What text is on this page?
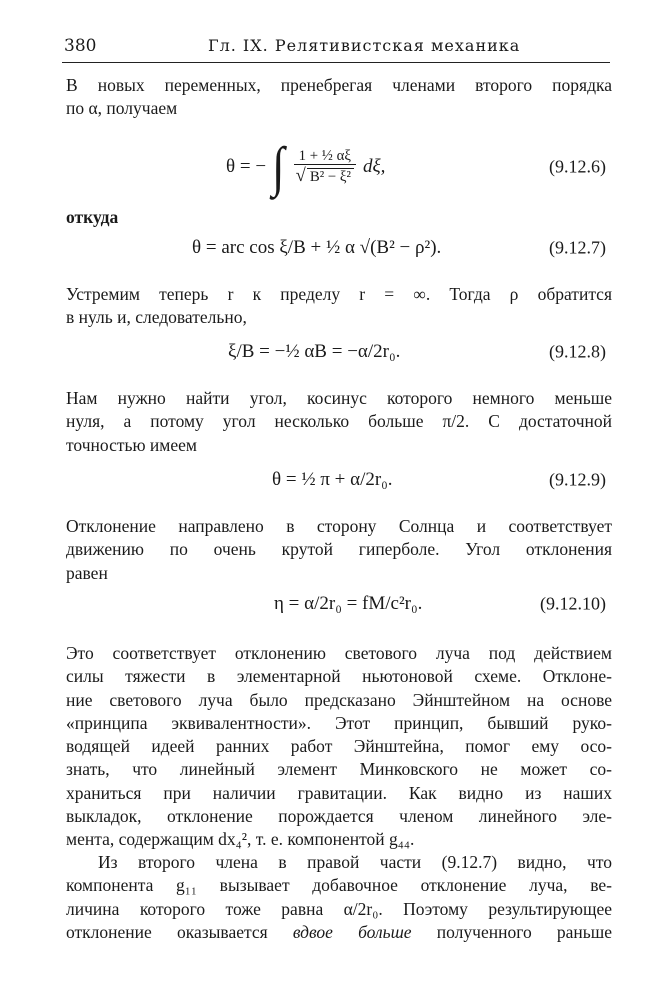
380	Гл. IX. Релятивистская механика
В новых переменных, пренебрегая членами второго порядка
по α, получаем
θ = − ∫ $\frac{\text{1 + ½ αξ}}{\text{√ B² − ξ²}} d\xi$,	(9.12.6)
откуда
θ = arc cos ξ/B + ½ α √(B² − ρ²).	(9.12.7)
Устремим теперь r к пределу r = ∞. Тогда ρ обратится
в нуль и, следовательно,
ξ/B = −½ αB = −α/2r₀.	(9.12.8)
Нам нужно найти угол, косинус которого немного меньше
нуля, а потому угол несколько больше π/2. С достаточной
точностью имеем
θ = ½ π + α/2r₀.	(9.12.9)
Отклонение направлено в сторону Солнца и соответствует
движению по очень крутой гиперболе. Угол отклонения
равен
η = α/2r₀ = fM/c²r₀.	(9.12.10)
Это соответствует отклонению светового луча под действием
силы тяжести в элементарной ньютоновой схеме. Отклоне-
ние светового луча было предсказано Эйнштейном на основе
«принципа эквивалентности». Этот принцип, бывший руко-
водящей идеей ранних работ Эйнштейна, помог ему осо-
знать, что линейный элемент Минковского не может со-
храниться при наличии гравитации. Как видно из наших
выкладок, отклонение порождается членом линейного эле-
мента, содержащим dx₄², т. е. компонентой g₄₄.
Из второго члена в правой части (9.12.7) видно, что
компонента g₁₁ вызывает добавочное отклонение луча, ве-
личина которого тоже равна α/2r₀. Поэтому результирующее
отклонение оказывается вдвое больше полученного раньше
